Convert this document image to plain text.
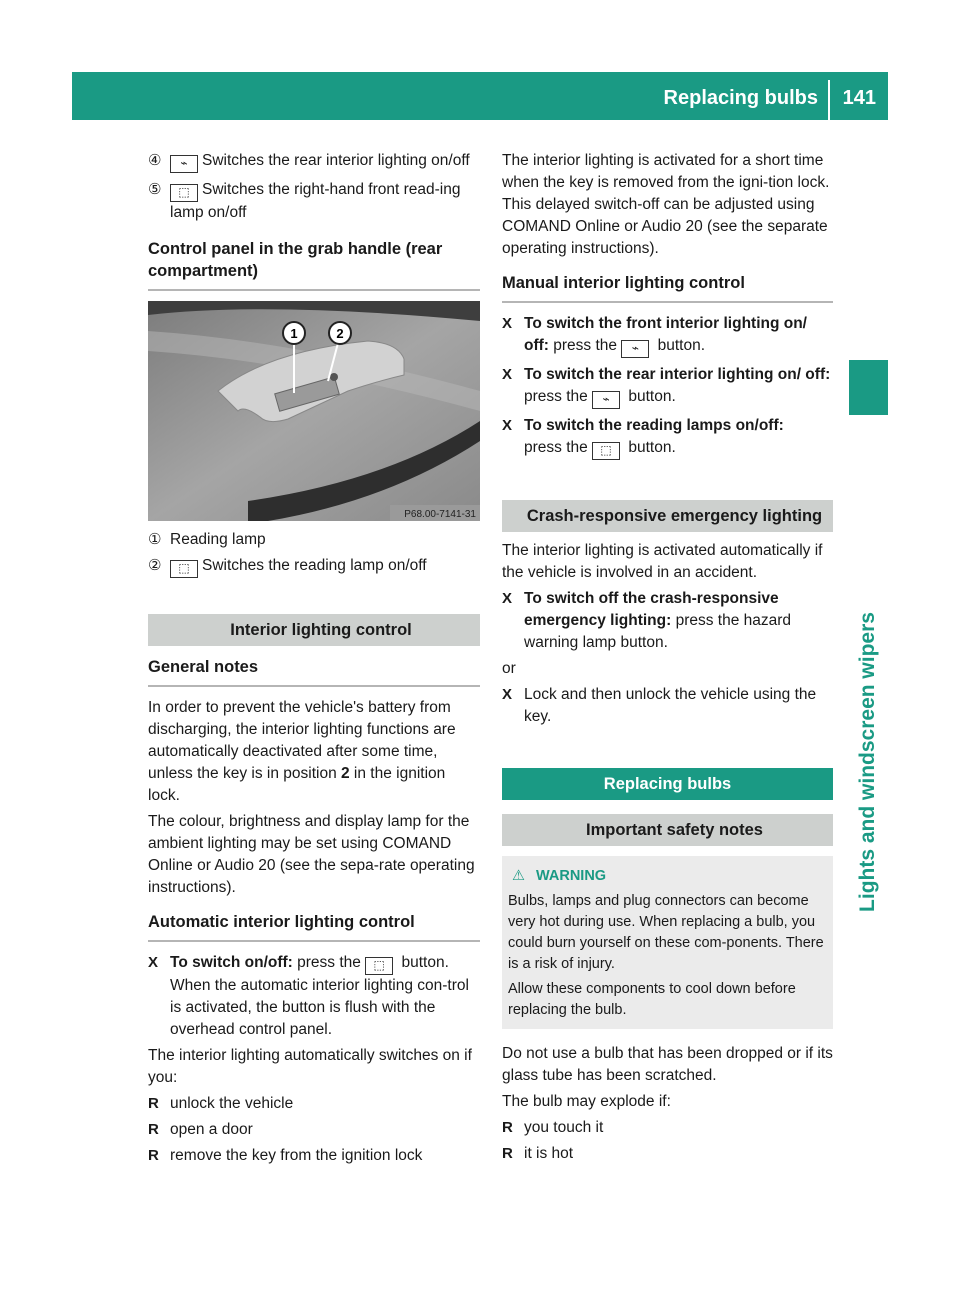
Replacing bulbs 141
Lights and windscreen wipers

④	⌁ Switches the rear interior lighting on/off

⑤	⬚ Switches the right-hand front read-ing lamp on/off

Control panel in the grab handle (rear compartment)

1	2
P68.00-7141-31

① Reading lamp

②	⬚ Switches the reading lamp on/off

Interior lighting control

General notes

In order to prevent the vehicle's battery from discharging, the interior lighting functions are automatically deactivated after some time, unless the key is in position 2 in the ignition lock.

The colour, brightness and display lamp for the ambient lighting may be set using COMAND Online or Audio 20 (see the sepa-rate operating instructions).

Automatic interior lighting control

X To switch on/off: press the ⬚ button.

When the automatic interior lighting con-trol is activated, the button is flush with the overhead control panel.

The interior lighting automatically switches on if you:

R unlock the vehicle

R open a door

R remove the key from the ignition lock

The interior lighting is activated for a short time when the key is removed from the igni-tion lock. This delayed switch-off can be adjusted using COMAND Online or Audio 20 (see the separate operating instructions).

Manual interior lighting control

X To switch the front interior lighting on/ off: press the ⌁ button.

X To switch the rear interior lighting on/ off: press the ⌁ button.

X To switch the reading lamps on/off:
press the ⬚ button.

Crash-responsive emergency lighting

The interior lighting is activated automatically if the vehicle is involved in an accident.

X To switch off the crash-responsive emergency lighting: press the hazard warning lamp button.

or

X Lock and then unlock the vehicle using the key.

Replacing bulbs
Important safety notes

⚠ WARNING

Bulbs, lamps and plug connectors can become very hot during use. When replacing a bulb, you could burn yourself on these com-ponents. There is a risk of injury.

Allow these components to cool down before replacing the bulb.

Do not use a bulb that has been dropped or if its glass tube has been scratched.

The bulb may explode if:

R you touch it

R it is hot
